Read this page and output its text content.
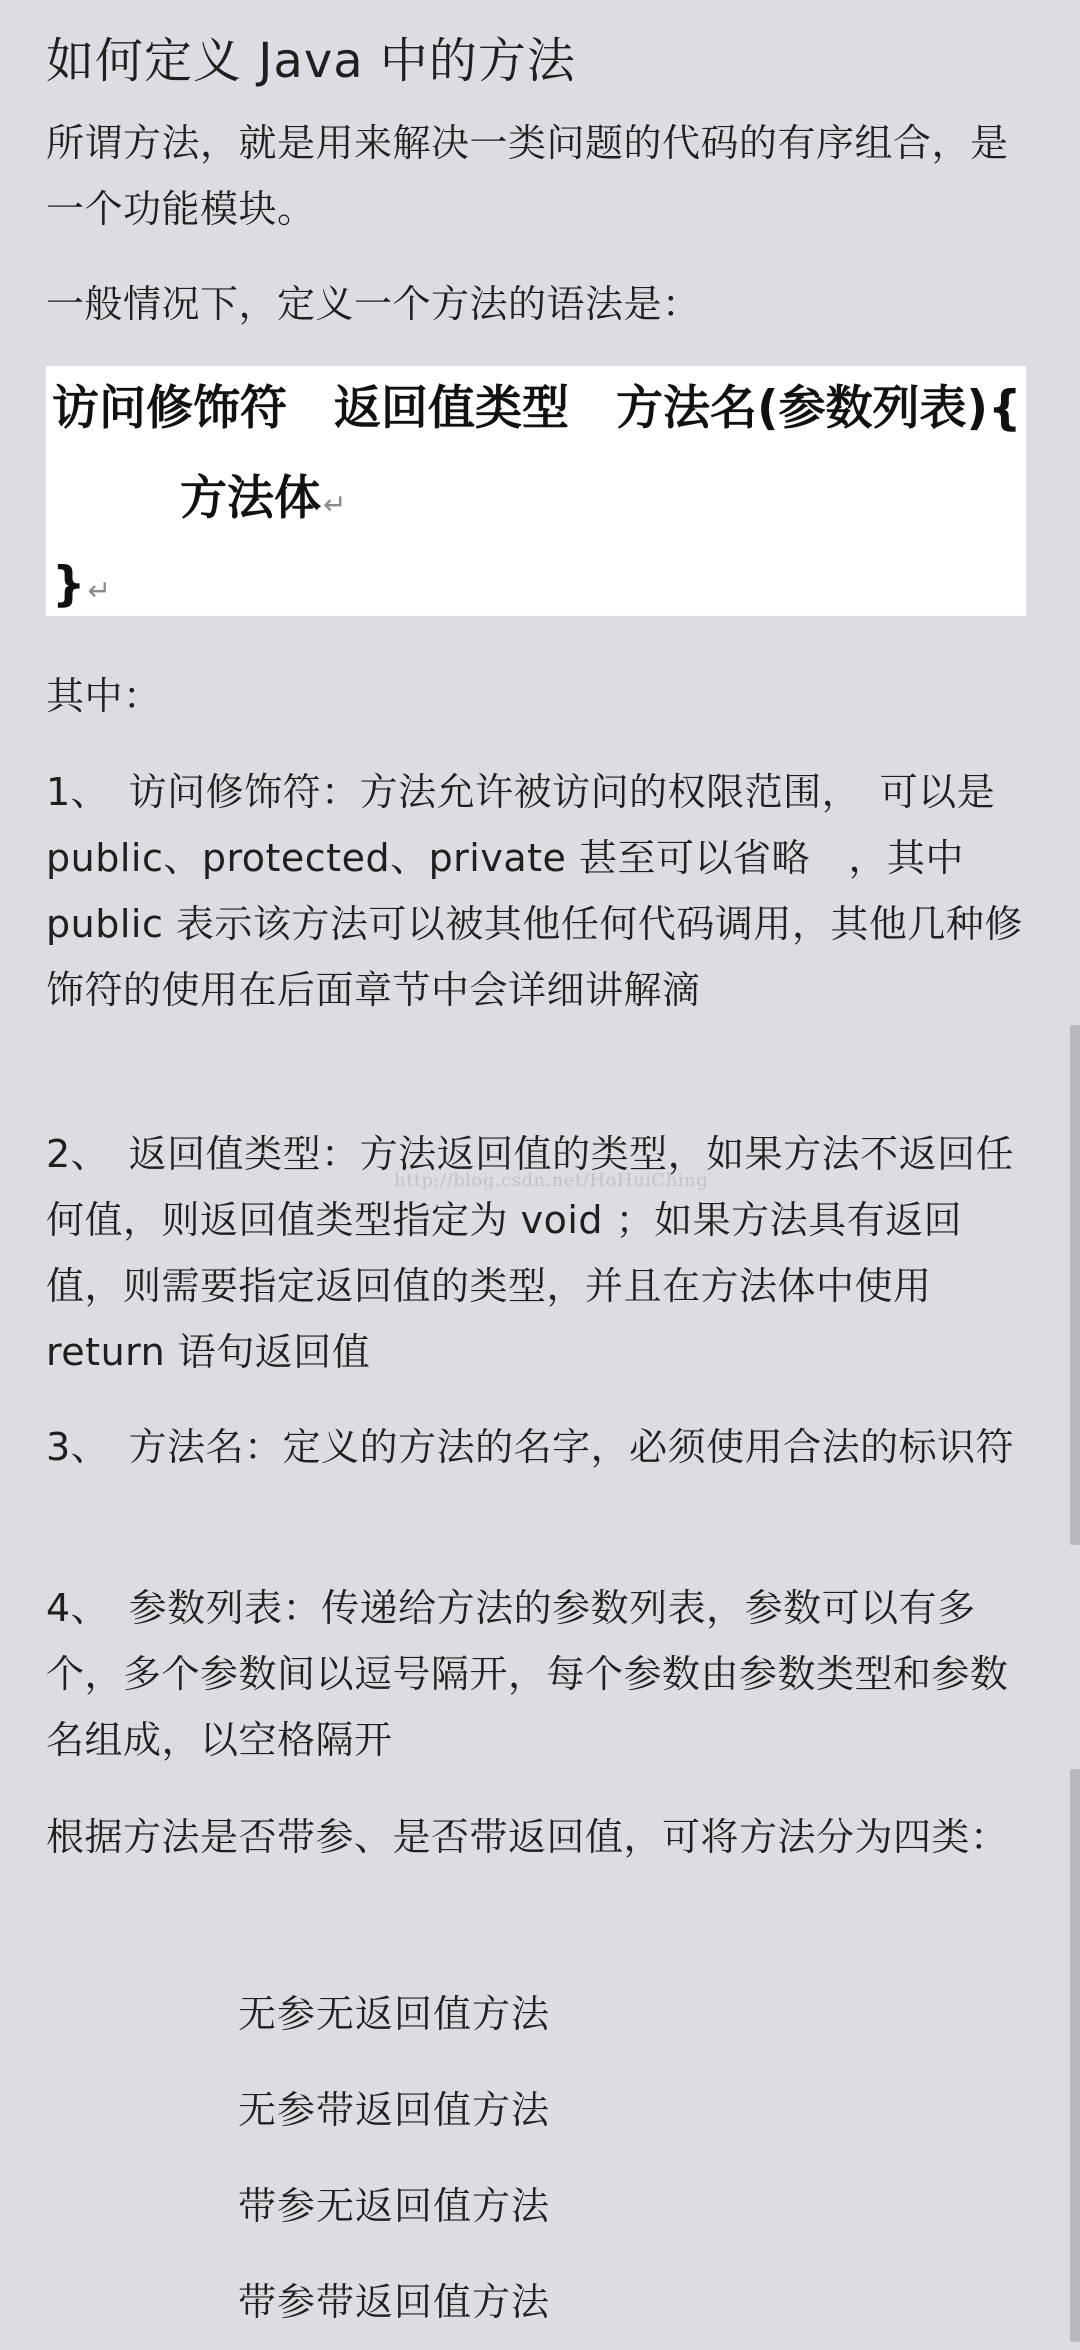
如何定义 Java 中的方法
所谓方法，就是用来解决一类问题的代码的有序组合，是一个功能模块。
一般情况下，定义一个方法的语法是：
访问修饰符　返回值类型　方法名(参数列表){
方法体↵
}↵
其中：
1、　访问修饰符：方法允许被访问的权限范围，　可以是 public、protected、private 甚至可以省略　，其中 public 表示该方法可以被其他任何代码调用，其他几种修饰符的使用在后面章节中会详细讲解滴
2、　返回值类型：方法返回值的类型，如果方法不返回任何值，则返回值类型指定为 void ；如果方法具有返回值，则需要指定返回值的类型，并且在方法体中使用 return 语句返回值
http://blog.csdn.net/HoHuiChing
3、　方法名：定义的方法的名字，必须使用合法的标识符
4、　参数列表：传递给方法的参数列表，参数可以有多个，多个参数间以逗号隔开，每个参数由参数类型和参数名组成，以空格隔开
根据方法是否带参、是否带返回值，可将方法分为四类：
无参无返回值方法
无参带返回值方法
带参无返回值方法
带参带返回值方法
